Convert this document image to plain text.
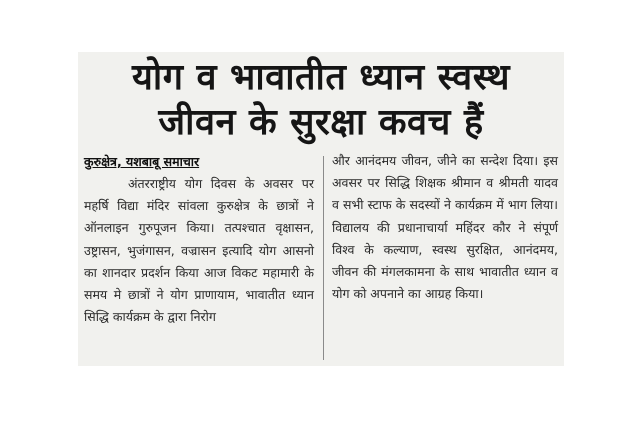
योग व भावातीत ध्यान स्वस्थ
जीवन के सुरक्षा कवच हैं
कुरुक्षेत्र, यशबाबू समाचार

अंतरराष्ट्रीय योग दिवस के अवसर पर महर्षि विद्या मंदिर सांवला कुरुक्षेत्र के छात्रों ने ऑनलाइन गुरुपूजन किया। तत्पश्चात वृक्षासन, उष्ट्रासन, भुजंगासन, वज्रासन इत्यादि योग आसनो का शानदार प्रदर्शन किया आज विकट महामारी के समय मे छात्रों ने योग प्राणायाम, भावातीत ध्यान सिद्धि कार्यक्रम के द्वारा निरोग

और आनंदमय जीवन, जीने का सन्देश दिया। इस अवसर पर सिद्धि शिक्षक श्रीमान व श्रीमती यादव व सभी स्टाफ के सदस्यों ने कार्यक्रम में भाग लिया। विद्यालय की प्रधानाचार्या महिंदर कौर ने संपूर्ण विश्व के कल्याण, स्वस्थ सुरक्षित, आनंदमय, जीवन की मंगलकामना के साथ भावातीत ध्यान व योग को अपनाने का आग्रह किया।
